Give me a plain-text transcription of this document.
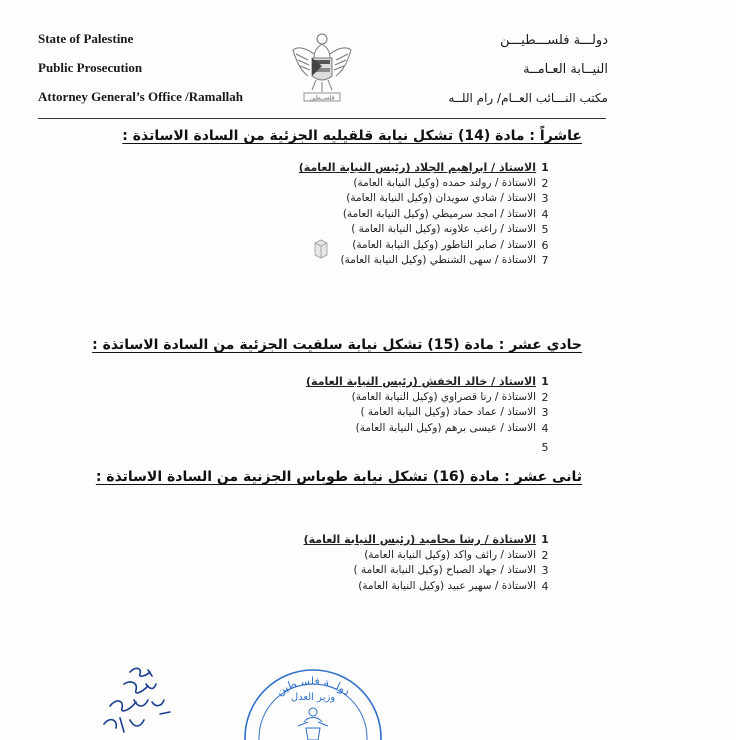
State of Palestine
Public Prosecution
Attorney General’s Office /Ramallah
دولـــة فلســـطيـــن
النيــابة العـامــة
مكتب النـــائب العــام/ رام اللــه
فلســطين
عاشراً : مادة (14) تشكل نيابة قلقيليه الجزئية من السادة الاساتذة :
1
الاستاذ / ابراهيم الجلاد (رئيس النيابة العامة)
2
الاستاذة / رولند حمده (وكيل النيابة العامة)
3
الاستاذ / شادي سويدان (وكيل النيابة العامة)
4
الاستاذ / امجد سرميطي (وكيل النيابة العامة)
5
الاستاذ / راغب علاونه (وكيل النيابة العامة )
6
الاستاذ / صابر الناطور (وكيل النيابة العامة)
7
الاستاذة / سهى الشنطي (وكيل النيابة العامة)
حادي عشر : مادة (15) تشكل نيابة سلفيت الجزئية من السادة الاساتذة :
1
الاستاذ / خالد الخفش (رئيس النيابة العامة)
2
الاستاذة / رنا قصراوي (وكيل النيابة العامة)
3
الاستاذ / عماد حماد (وكيل النيابة العامة )
4
الاستاذ / عيسى برهم (وكيل النيابة العامة)
5
ثانى عشر : مادة (16) تشكل نيابة طوباس الجزنية من السادة الاساتذة :
1
الاستاذة / رشا محاميد (رئيس النيابة العامة)
2
الاستاذ / رائف واكد (وكيل النيابة العامة)
3
الاستاذ / جهاد الصباح (وكيل النيابة العامة )
4
الاستاذة / سهير عبيد (وكيل النيابة العامة)
دولــة فلسـطين
وزير العدل
